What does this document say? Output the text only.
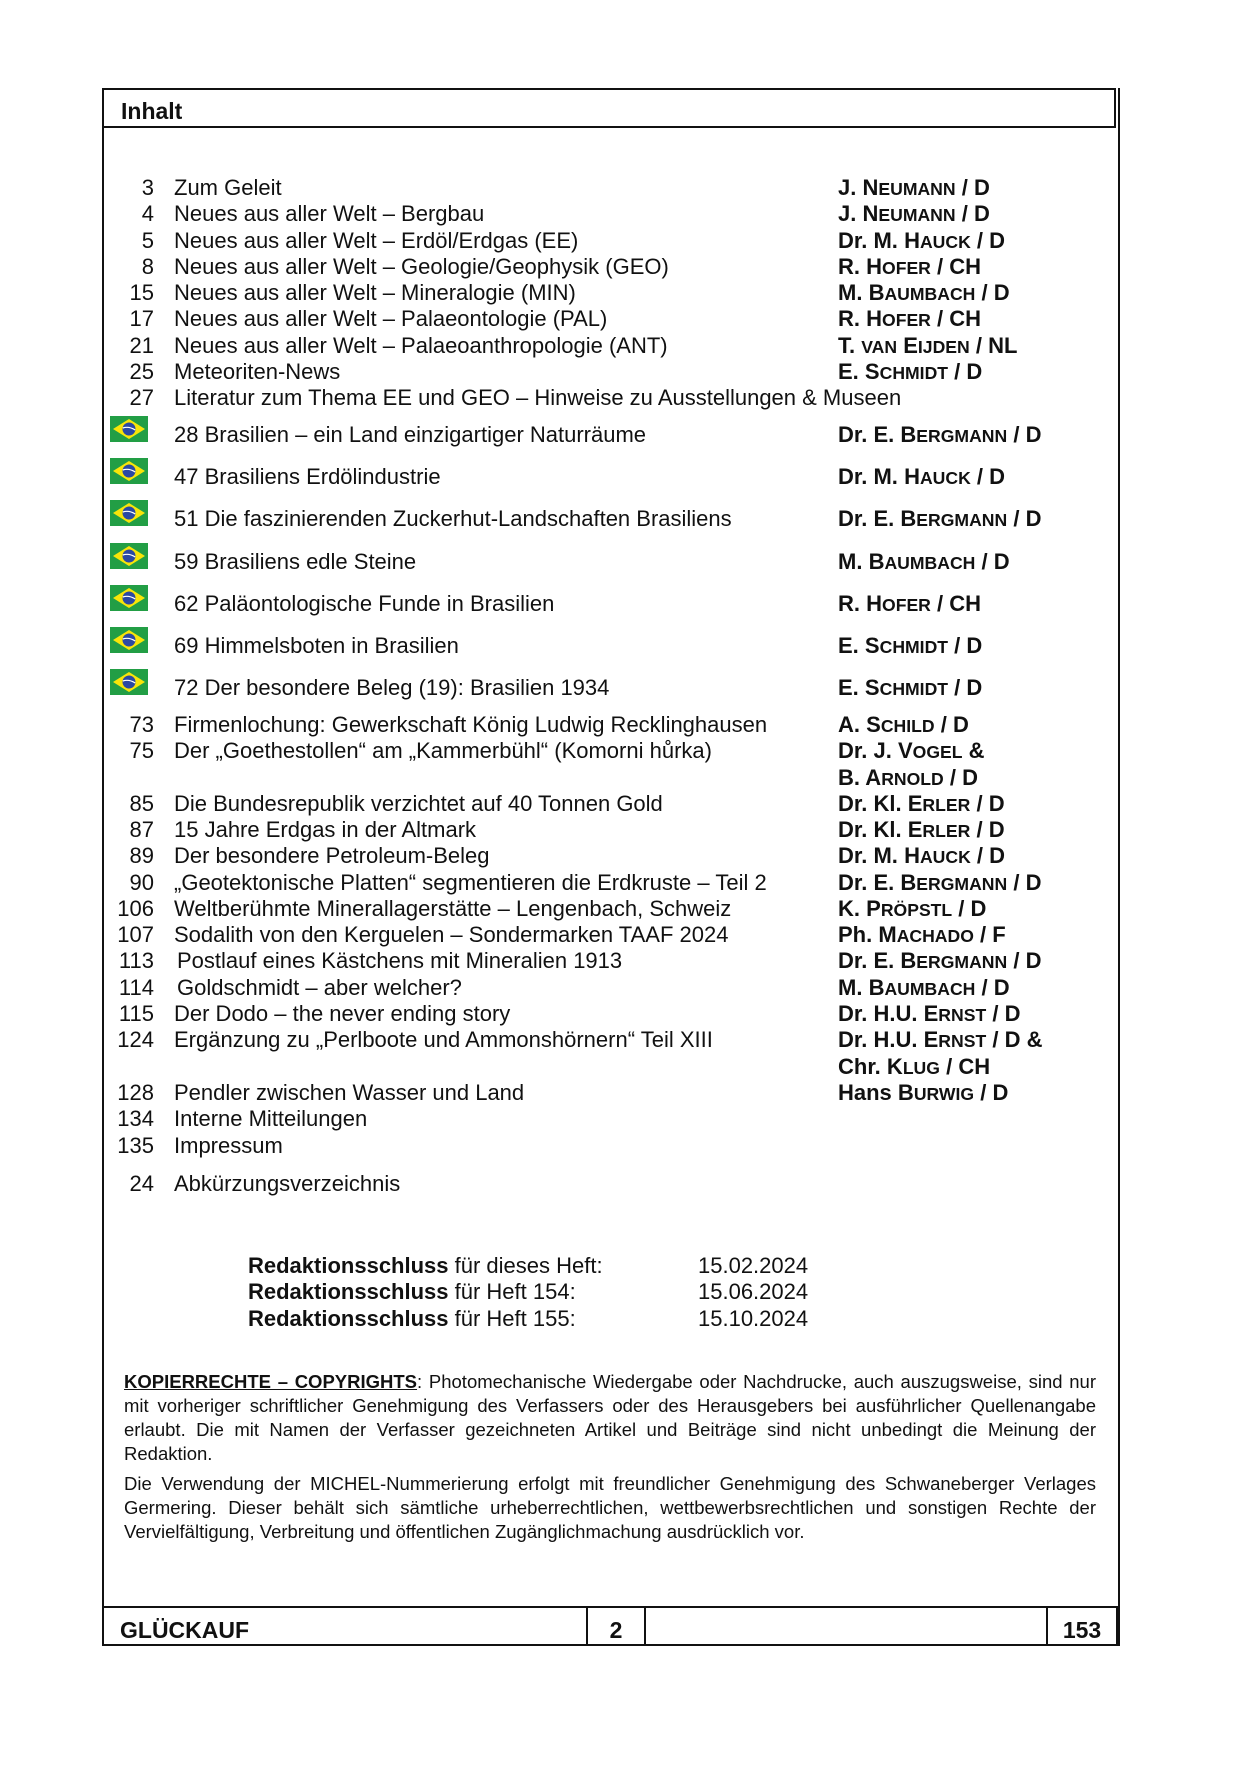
Inhalt
3 Zum Geleit	J. NEUMANN / D
4 Neues aus aller Welt – Bergbau	J. NEUMANN / D
5 Neues aus aller Welt – Erdöl/Erdgas (EE)	Dr. M. HAUCK / D
8 Neues aus aller Welt – Geologie/Geophysik (GEO)	R. HOFER / CH
15 Neues aus aller Welt – Mineralogie (MIN)	M. BAUMBACH / D
17 Neues aus aller Welt – Palaeontologie (PAL)	R. HOFER / CH
21 Neues aus aller Welt – Palaeoanthropologie (ANT)	T. VAN EIJDEN / NL
25 Meteoriten-News	E. SCHMIDT / D
27 Literatur zum Thema EE und GEO – Hinweise zu Ausstellungen & Museen
28 Brasilien – ein Land einzigartiger Naturräume	Dr. E. BERGMANN / D
47 Brasiliens Erdölindustrie	Dr. M. HAUCK / D
51 Die faszinierenden Zuckerhut-Landschaften Brasiliens	Dr. E. BERGMANN / D
59 Brasiliens edle Steine	M. BAUMBACH / D
62 Paläontologische Funde in Brasilien	R. HOFER / CH
69 Himmelsboten in Brasilien	E. SCHMIDT / D
72 Der besondere Beleg (19): Brasilien 1934	E. SCHMIDT / D
73 Firmenlochung: Gewerkschaft König Ludwig Recklinghausen	A. SCHILD / D
75 Der „Goethestollen“ am „Kammerbühl“ (Komorni hůrka)	Dr. J. VOGEL &
B. ARNOLD / D
85 Die Bundesrepublik verzichtet auf 40 Tonnen Gold	Dr. Kl. ERLER / D
87 15 Jahre Erdgas in der Altmark	Dr. Kl. ERLER / D
89 Der besondere Petroleum-Beleg	Dr. M. HAUCK / D
90 „Geotektonische Platten“ segmentieren die Erdkruste – Teil 2	Dr. E. BERGMANN / D
106 Weltberühmte Minerallagerstätte – Lengenbach, Schweiz	K. PRÖPSTL / D
107 Sodalith von den Kerguelen – Sondermarken TAAF 2024	Ph. MACHADO / F
113 Postlauf eines Kästchens mit Mineralien 1913	Dr. E. BERGMANN / D
114 Goldschmidt – aber welcher?	M. BAUMBACH / D
115 Der Dodo – the never ending story	Dr. H.U. ERNST / D
124 Ergänzung zu „Perlboote und Ammonshörnern“ Teil XIII	Dr. H.U. ERNST / D &
Chr. KLUG / CH
128 Pendler zwischen Wasser und Land	Hans BURWIG / D
134 Interne Mitteilungen
135 Impressum
24 Abkürzungsverzeichnis
Redaktionsschluss für dieses Heft:	15.02.2024
Redaktionsschluss für Heft 154:	15.06.2024
Redaktionsschluss für Heft 155:	15.10.2024

KOPIERRECHTE – COPYRIGHTS: Photomechanische Wiedergabe oder Nachdrucke, auch auszugsweise, sind nur mit vorheriger schriftlicher Genehmigung des Verfassers oder des Herausgebers bei ausführlicher Quellenangabe erlaubt. Die mit Namen der Verfasser gezeichneten Artikel und Beiträge sind nicht unbedingt die Meinung der Redaktion.

Die Verwendung der MICHEL-Nummerierung erfolgt mit freundlicher Genehmigung des Schwaneberger Verlages Germering. Dieser behält sich sämtliche urheberrechtlichen, wettbewerbsrechtlichen und sonstigen Rechte der Vervielfältigung, Verbreitung und öffentlichen Zugänglichmachung ausdrücklich vor.

GLÜCKAUF	2	153
